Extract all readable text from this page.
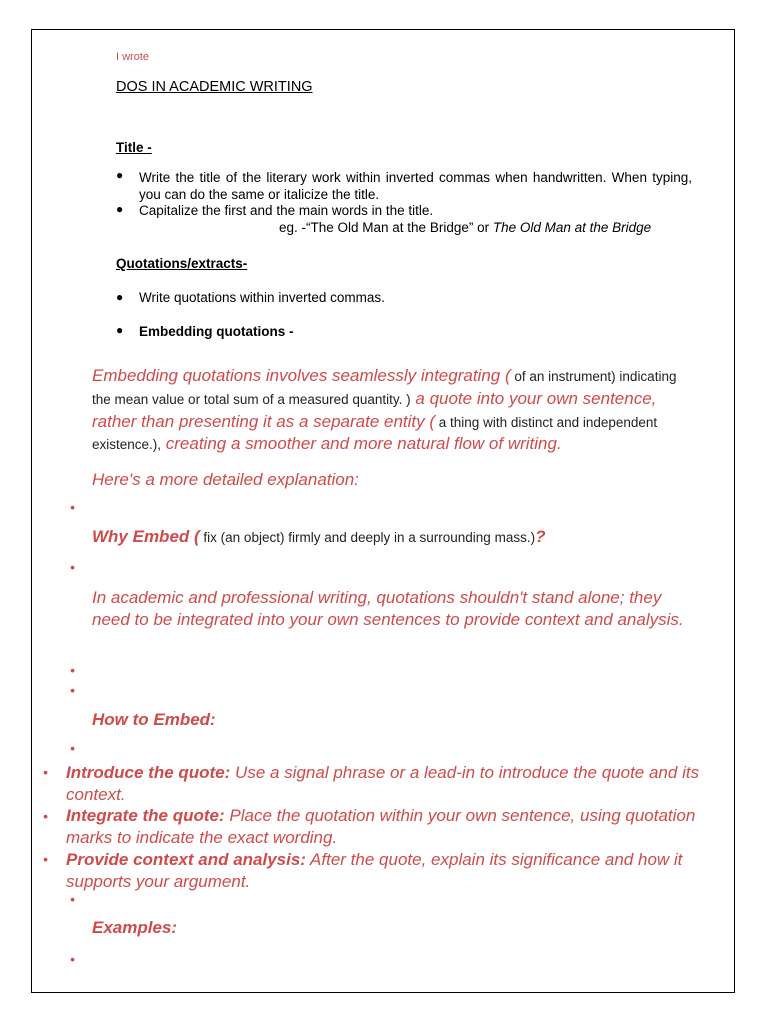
I wrote
DOS IN ACADEMIC WRITING
Title -
● Write the title of the literary work within inverted commas when handwritten. When typing, you can do the same or italicize the title.
● Capitalize the first and the main words in the title.
eg. -“The Old Man at the Bridge” or The Old Man at the Bridge
Quotations/extracts-
● Write quotations within inverted commas.
● Embedding quotations -
Embedding quotations involves seamlessly integrating ( of an instrument) indicating the mean value or total sum of a measured quantity. ) a quote into your own sentence, rather than presenting it as a separate entity ( a thing with distinct and independent existence.), creating a smoother and more natural flow of writing.
Here's a more detailed explanation:
•
Why Embed ( fix (an object) firmly and deeply in a surrounding mass.)?
•
In academic and professional writing, quotations shouldn't stand alone; they need to be integrated into your own sentences to provide context and analysis.
•
•
How to Embed:
•
• Introduce the quote: Use a signal phrase or a lead-in to introduce the quote and its context.
• Integrate the quote: Place the quotation within your own sentence, using quotation marks to indicate the exact wording.
• Provide context and analysis: After the quote, explain its significance and how it supports your argument.
•
Examples:
•
